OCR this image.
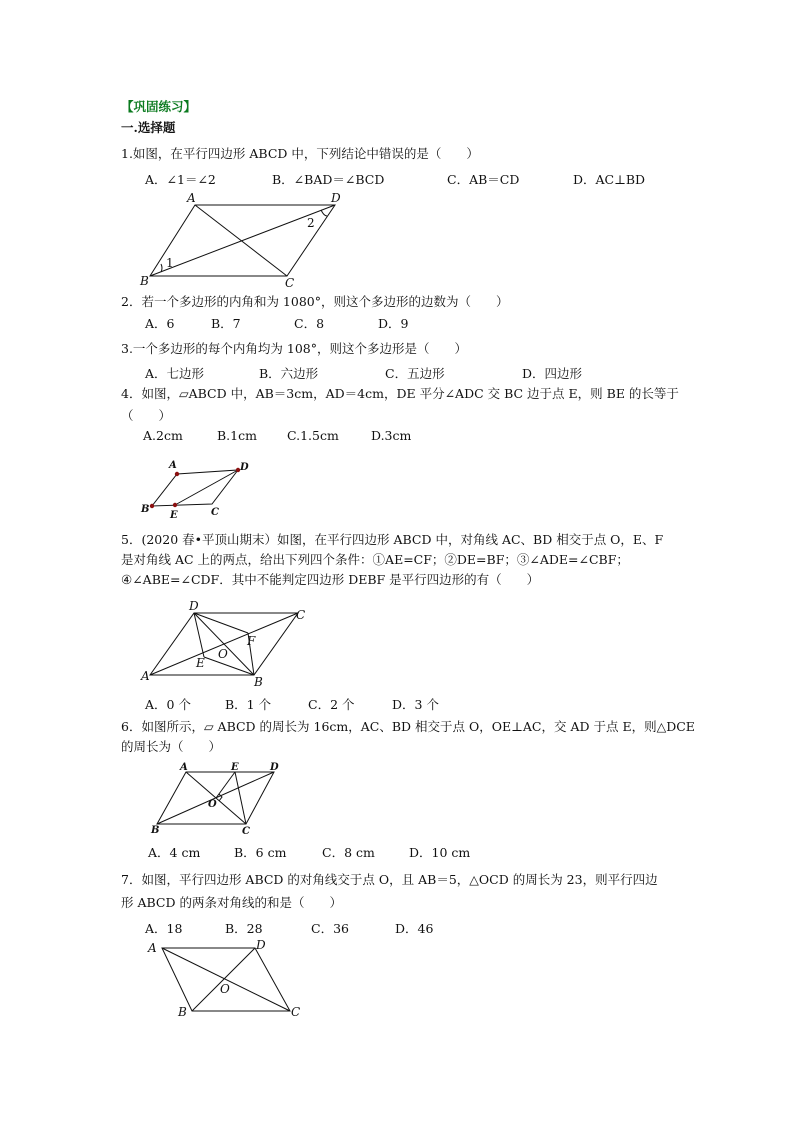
【巩固练习】
一.选择题
1.如图，在平行四边形 ABCD 中，下列结论中错误的是（　　）
A．∠1＝∠2	B．∠BAD＝∠BCD	C．AB＝CD	D．AC⊥BD
A	D
B	C
1
2
2．若一个多边形的内角和为 1080°，则这个多边形的边数为（　　）
A．6	B．7	C．8	D．9
3.一个多边形的每个内角均为 108°，则这个多边形是（　　）
A．七边形	B．六边形	C．五边形	D．四边形
4．如图，▱ABCD 中，AB＝3cm，AD＝4cm，DE 平分∠ADC 交 BC 边于点 E，则 BE 的长等于
（　　）
A.2cm	B.1cm C.1.5cm	D.3cm
A	D
B
E	C
5．(2020 春•平顶山期末）如图，在平行四边形 ABCD 中，对角线 AC、BD 相交于点 O，E、F
是对角线 AC 上的两点，给出下列四个条件：①AE=CF；②DE=BF；③∠ADE=∠CBF；
④∠ABE=∠CDF．其中不能判定四边形 DEBF 是平行四边形的有（　　）
D
C
A	B
E
F
O
A．0 个	B．1 个	C．2 个	D．3 个
6．如图所示，▱ ABCD 的周长为 16cm，AC、BD 相交于点 O，OE⊥AC，交 AD 于点 E，则△DCE
的周长为（　　）
A	E	D
B	C
O
A．4 cm	B．6 cm	C．8 cm	D．10 cm
7．如图，平行四边形 ABCD 的对角线交于点 O，且 AB＝5，△OCD 的周长为 23，则平行四边
形 ABCD 的两条对角线的和是（　　）
A．18	B．28	C．36	D．46
A	D
B	C
O
